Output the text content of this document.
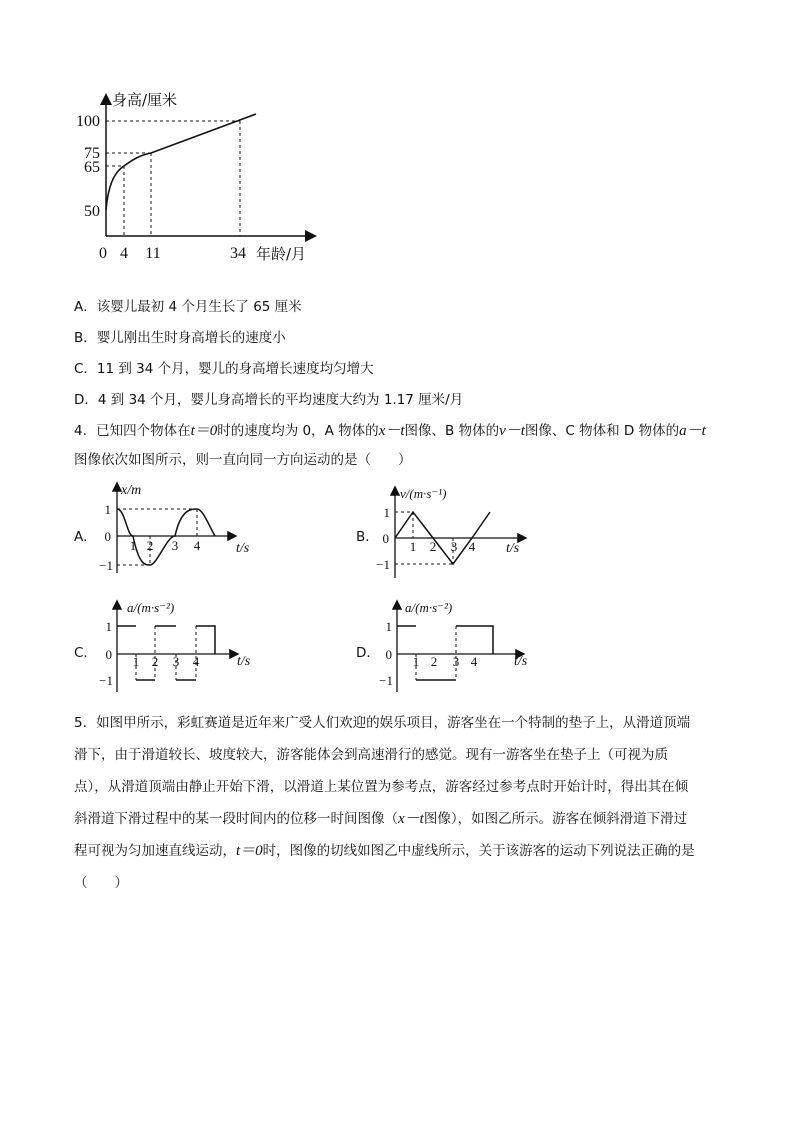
身高/厘米
100
75
65
50
0 4 11	34 年龄/月
A．该婴儿最初 4 个月生长了 65 厘米
B．婴儿刚出生时身高增长的速度小
C．11 到 34 个月，婴儿的身高增长速度均匀增大
D．4 到 34 个月，婴儿身高增长的平均速度大约为 1.17 厘米/月
4．已知四个物体在t＝0时的速度均为 0，A 物体的x－t图像、B 物体的v－t图像、C 物体和 D 物体的a－t
图像依次如图所示，则一直向同一方向运动的是（　　）
A．	B．
C．	D．
x/m
1
0
−1
1 2 3 4	t/s
v/(m·s⁻¹)
1
0
−1
1 2 3 4 t/s
a/(m·s⁻²)
1
0
−1
1 2 3 4	t/s
a/(m·s⁻²)
1
0
−1
1 2 3 4	t/s
5．如图甲所示，彩虹赛道是近年来广受人们欢迎的娱乐项目，游客坐在一个特制的垫子上，从滑道顶端
滑下，由于滑道较长、坡度较大，游客能体会到高速滑行的感觉。现有一游客坐在垫子上（可视为质
点），从滑道顶端由静止开始下滑，以滑道上某位置为参考点，游客经过参考点时开始计时，得出其在倾
斜滑道下滑过程中的某一段时间内的位移一时间图像（x－t图像），如图乙所示。游客在倾斜滑道下滑过
程可视为匀加速直线运动，t＝0时，图像的切线如图乙中虚线所示，关于该游客的运动下列说法正确的是
（　　）
